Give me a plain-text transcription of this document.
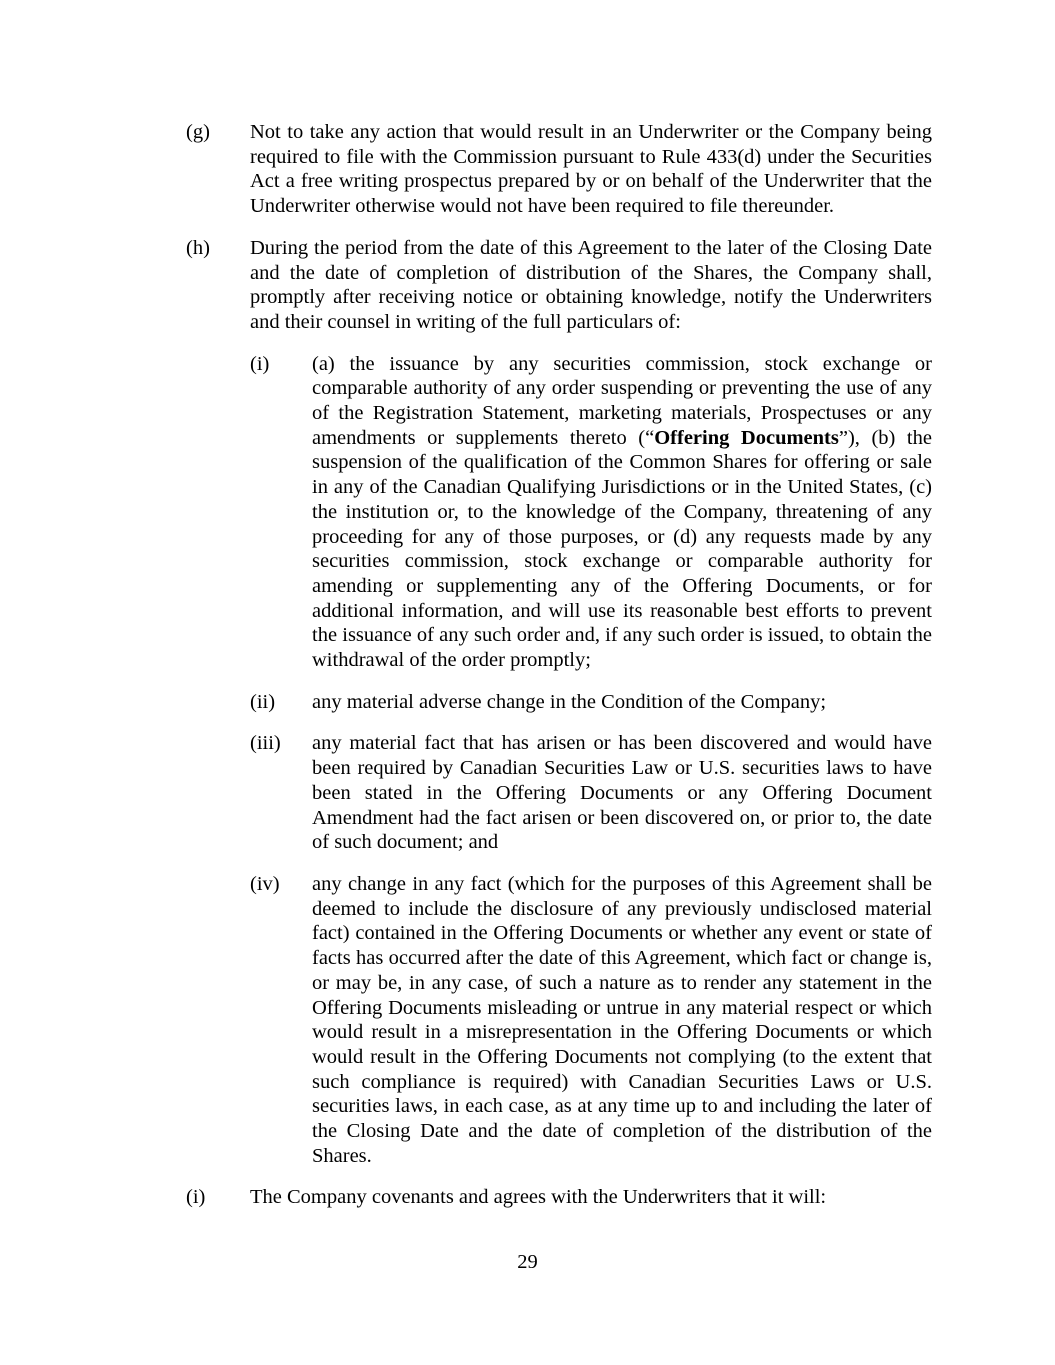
(g)	Not to take any action that would result in an Underwriter or the Company being required to file with the Commission pursuant to Rule 433(d) under the Securities Act a free writing prospectus prepared by or on behalf of the Underwriter that the Underwriter otherwise would not have been required to file thereunder.
(h)	During the period from the date of this Agreement to the later of the Closing Date and the date of completion of distribution of the Shares, the Company shall, promptly after receiving notice or obtaining knowledge, notify the Underwriters and their counsel in writing of the full particulars of:
(i)	(a) the issuance by any securities commission, stock exchange or comparable authority of any order suspending or preventing the use of any of the Registration Statement, marketing materials, Prospectuses or any amendments or supplements thereto (“Offering Documents”), (b) the suspension of the qualification of the Common Shares for offering or sale in any of the Canadian Qualifying Jurisdictions or in the United States, (c) the institution or, to the knowledge of the Company, threatening of any proceeding for any of those purposes, or (d) any requests made by any securities commission, stock exchange or comparable authority for amending or supplementing any of the Offering Documents, or for additional information, and will use its reasonable best efforts to prevent the issuance of any such order and, if any such order is issued, to obtain the withdrawal of the order promptly;
(ii)	any material adverse change in the Condition of the Company;
(iii)	any material fact that has arisen or has been discovered and would have been required by Canadian Securities Law or U.S. securities laws to have been stated in the Offering Documents or any Offering Document Amendment had the fact arisen or been discovered on, or prior to, the date of such document; and
(iv)	any change in any fact (which for the purposes of this Agreement shall be deemed to include the disclosure of any previously undisclosed material fact) contained in the Offering Documents or whether any event or state of facts has occurred after the date of this Agreement, which fact or change is, or may be, in any case, of such a nature as to render any statement in the Offering Documents misleading or untrue in any material respect or which would result in a misrepresentation in the Offering Documents or which would result in the Offering Documents not complying (to the extent that such compliance is required) with Canadian Securities Laws or U.S. securities laws, in each case, as at any time up to and including the later of the Closing Date and the date of completion of the distribution of the Shares.
(i)	The Company covenants and agrees with the Underwriters that it will:
29
